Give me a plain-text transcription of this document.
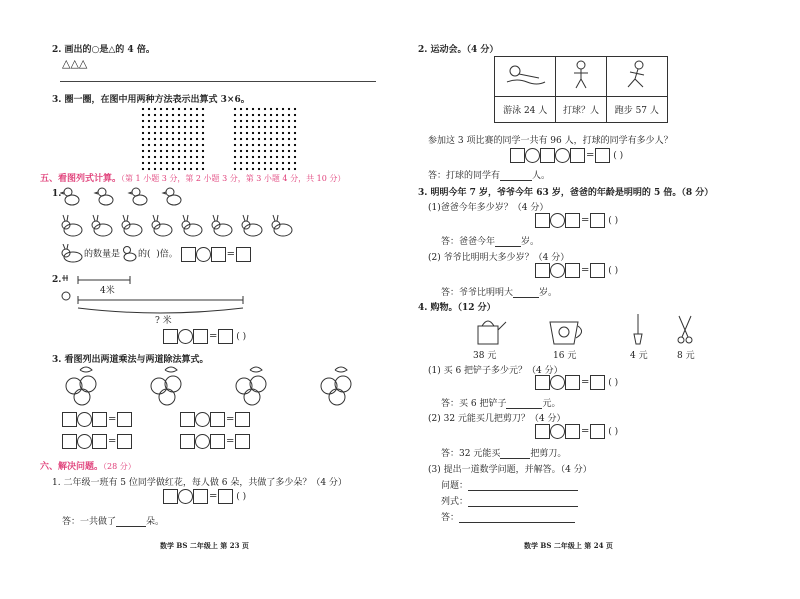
2. 画出的○是△的 4 倍。
△△△
3. 圈一圈，在图中用两种方法表示出算式 3×6。
五、看图列式计算。（第 1 小题 3 分，第 2 小题 3 分，第 3 小题 4 分，共 10 分）
1.
的数量是 的( )倍。	=
2.
4米
? 米
= ( )
3. 看图列出两道乘法与两道除法算式。
=	=
=	=
六、解决问题。（28 分）
1. 二年级一班有 5 位同学做红花，每人做 6 朵，共做了多少朵？（4 分）
= ( )
答：一共做了	朵。
数学 BS 二年级上 第 23 页
2. 运动会。（4 分）

游泳 24 人	打球？人	跑步 57 人
参加这 3 项比赛的同学一共有 96 人，打球的同学有多少人？
= ( )
答：打球的同学有	人。
3. 明明今年 7 岁，爷爷今年 63 岁，爸爸的年龄是明明的 5 倍。（8 分）
(1)爸爸今年多少岁？（4 分）
= ( )
答：爸爸今年	岁。
(2) 爷爷比明明大多少岁？（4 分）
= ( )
答：爷爷比明明大	岁。
4. 购物。（12 分）
38 元	16 元	4 元	8 元
(1) 买 6 把铲子多少元？（4 分）
= ( )
答：买 6 把铲子	元。
(2) 32 元能买几把剪刀？（4 分）
= ( )
答：32 元能买	把剪刀。
(3) 提出一道数学问题，并解答。（4 分）
问题：
列式：
答：
数学 BS 二年级上 第 24 页
